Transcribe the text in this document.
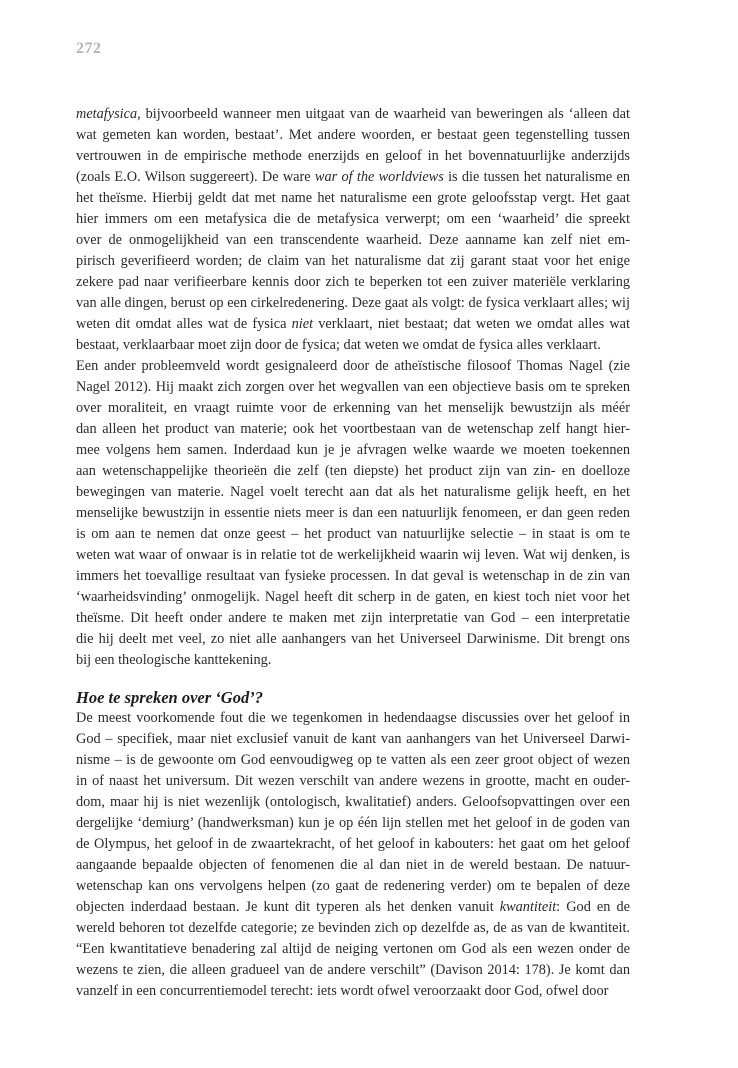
272
metafysica, bijvoorbeeld wanneer men uitgaat van de waarheid van beweringen als ‘alleen dat
wat gemeten kan worden, bestaat’. Met andere woorden, er bestaat geen tegenstelling tussen
vertrouwen in de empirische methode enerzijds en geloof in het bovennatuurlijke anderzijds
(zoals E.O. Wilson suggereert). De ware war of the worldviews is die tussen het naturalisme en
het theïsme. Hierbij geldt dat met name het naturalisme een grote geloofsstap vergt. Het gaat
hier immers om een metafysica die de metafysica verwerpt; om een ‘waarheid’ die spreekt
over de onmogelijkheid van een transcendente waarheid. Deze aanname kan zelf niet em-
pirisch geverifieerd worden; de claim van het naturalisme dat zij garant staat voor het enige
zekere pad naar verifieerbare kennis door zich te beperken tot een zuiver materiële verklaring
van alle dingen, berust op een cirkelredenering. Deze gaat als volgt: de fysica verklaart alles; wij
weten dit omdat alles wat de fysica niet verklaart, niet bestaat; dat weten we omdat alles wat
bestaat, verklaarbaar moet zijn door de fysica; dat weten we omdat de fysica alles verklaart.
Een ander probleemveld wordt gesignaleerd door de atheïstische filosoof Thomas Nagel (zie
Nagel 2012). Hij maakt zich zorgen over het wegvallen van een objectieve basis om te spreken
over moraliteit, en vraagt ruimte voor de erkenning van het menselijk bewustzijn als méér
dan alleen het product van materie; ook het voortbestaan van de wetenschap zelf hangt hier-
mee volgens hem samen. Inderdaad kun je je afvragen welke waarde we moeten toekennen
aan wetenschappelijke theorieën die zelf (ten diepste) het product zijn van zin- en doelloze
bewegingen van materie. Nagel voelt terecht aan dat als het naturalisme gelijk heeft, en het
menselijke bewustzijn in essentie niets meer is dan een natuurlijk fenomeen, er dan geen reden
is om aan te nemen dat onze geest – het product van natuurlijke selectie – in staat is om te
weten wat waar of onwaar is in relatie tot de werkelijkheid waarin wij leven. Wat wij denken, is
immers het toevallige resultaat van fysieke processen. In dat geval is wetenschap in de zin van
‘waarheidsvinding’ onmogelijk. Nagel heeft dit scherp in de gaten, en kiest toch niet voor het
theïsme. Dit heeft onder andere te maken met zijn interpretatie van God – een interpretatie
die hij deelt met veel, zo niet alle aanhangers van het Universeel Darwinisme. Dit brengt ons
bij een theologische kanttekening.
Hoe te spreken over ‘God’?
De meest voorkomende fout die we tegenkomen in hedendaagse discussies over het geloof in
God – specifiek, maar niet exclusief vanuit de kant van aanhangers van het Universeel Darwi-
nisme – is de gewoonte om God eenvoudigweg op te vatten als een zeer groot object of wezen
in of naast het universum. Dit wezen verschilt van andere wezens in grootte, macht en ouder-
dom, maar hij is niet wezenlijk (ontologisch, kwalitatief) anders. Geloofsopvattingen over een
dergelijke ‘demiurg’ (handwerksman) kun je op één lijn stellen met het geloof in de goden van
de Olympus, het geloof in de zwaartekracht, of het geloof in kabouters: het gaat om het geloof
aangaande bepaalde objecten of fenomenen die al dan niet in de wereld bestaan. De natuur-
wetenschap kan ons vervolgens helpen (zo gaat de redenering verder) om te bepalen of deze
objecten inderdaad bestaan. Je kunt dit typeren als het denken vanuit kwantiteit: God en de
wereld behoren tot dezelfde categorie; ze bevinden zich op dezelfde as, de as van de kwantiteit.
“Een kwantitatieve benadering zal altijd de neiging vertonen om God als een wezen onder de
wezens te zien, die alleen gradueel van de andere verschilt” (Davison 2014: 178). Je komt dan
vanzelf in een concurrentiemodel terecht: iets wordt ofwel veroorzaakt door God, ofwel door
